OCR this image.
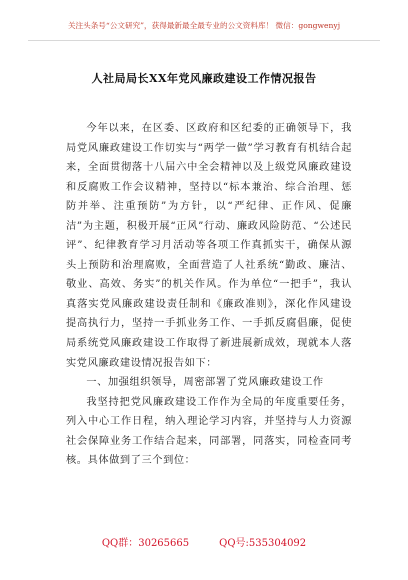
关注头条号“公文研究”，获得最新最全最专业的公文资料库！ 微信：gongwenyj
人社局局长XX年党风廉政建设工作情况报告

今年以来，在区委、区政府和区纪委的正确领导下，我局党风廉政建设工作切实与“两学一做”学习教育有机结合起来，全面贯彻落十八届六中全会精神以及上级党风廉政建设和反腐败工作会议精神，坚持以“标本兼治、综合治理、惩防并举、注重预防”为方针，以“严纪律、正作风、促廉洁”为主题，积极开展“正风”行动、廉政风险防范、“公述民评”、纪律教育学习月活动等各项工作真抓实干，确保从源头上预防和治理腐败，全面营造了人社系统“勤政、廉洁、敬业、高效、务实”的机关作风。作为单位“一把手”，我认真落实党风廉政建设责任制和《廉政准则》，深化作风建设提高执行力，坚持一手抓业务工作、一手抓反腐倡廉，促使局系统党风廉政建设工作取得了新进展新成效，现就本人落实党风廉政建设情况报告如下：

一、加强组织领导，周密部署了党风廉政建设工作

我坚持把党风廉政建设工作作为全局的年度重要任务，列入中心工作日程，纳入理论学习内容，并坚持与人力资源社会保障业务工作结合起来，同部署，同落实，同检查同考核。具体做到了三个到位：

QQ群：30265665	QQ号:535304092
